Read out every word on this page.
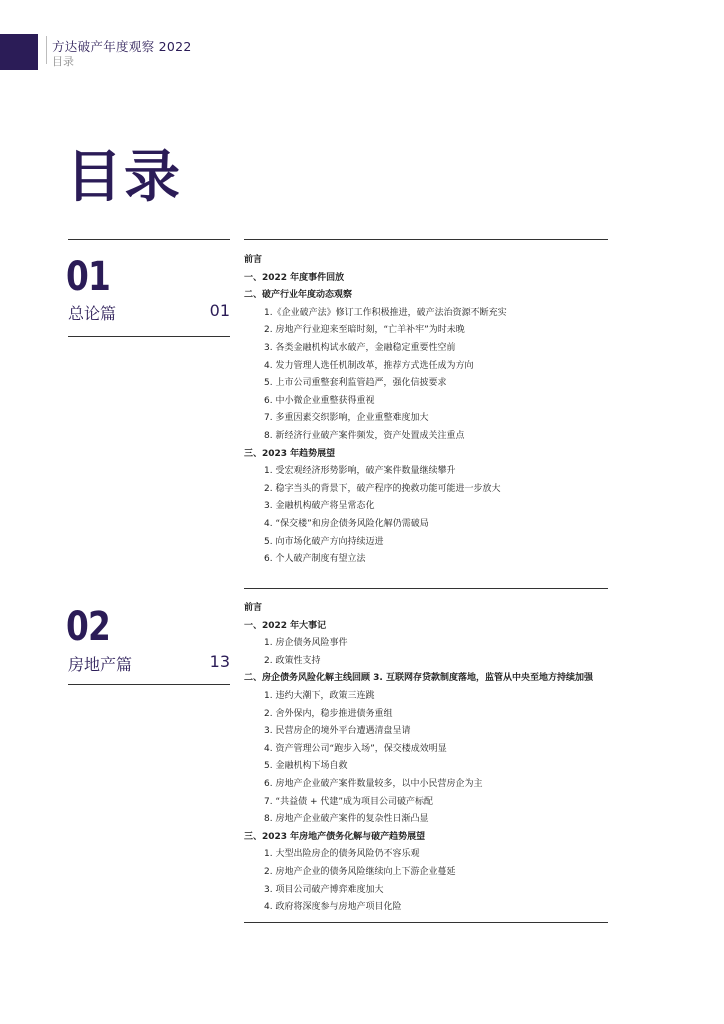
方达破产年度观察 2022
目录
目录
01
总论篇	01
前言
一、2022 年度事件回放
二、破产行业年度动态观察
1.《企业破产法》修订工作积极推进，破产法治资源不断充实
2. 房地产行业迎来至暗时刻，“亡羊补牢”为时未晚
3. 各类金融机构试水破产，金融稳定重要性空前
4. 发力管理人选任机制改革，推荐方式选任成为方向
5. 上市公司重整套利监管趋严，强化信披要求
6. 中小微企业重整获得重视
7. 多重因素交织影响，企业重整难度加大
8. 新经济行业破产案件频发，资产处置成关注重点
三、2023 年趋势展望
1. 受宏观经济形势影响，破产案件数量继续攀升
2. 稳字当头的背景下，破产程序的挽救功能可能进一步放大
3. 金融机构破产将呈常态化
4. “保交楼”和房企债务风险化解仍需破局
5. 向市场化破产方向持续迈进
6. 个人破产制度有望立法
02
房地产篇	13
前言
一、2022 年大事记
1. 房企债务风险事件
2. 政策性支持
二、房企债务风险化解主线回顾 3. 互联网存贷款制度落地，监管从中央至地方持续加强
1. 违约大潮下，政策三连跳
2. 舍外保内，稳步推进债务重组
3. 民营房企的境外平台遭遇清盘呈请
4. 资产管理公司“跑步入场”，保交楼成效明显
5. 金融机构下场自救
6. 房地产企业破产案件数量较多，以中小民营房企为主
7. “共益债 + 代建”成为项目公司破产标配
8. 房地产企业破产案件的复杂性日渐凸显
三、2023 年房地产债务化解与破产趋势展望
1. 大型出险房企的债务风险仍不容乐观
2. 房地产企业的债务风险继续向上下游企业蔓延
3. 项目公司破产博弈难度加大
4. 政府将深度参与房地产项目化险
